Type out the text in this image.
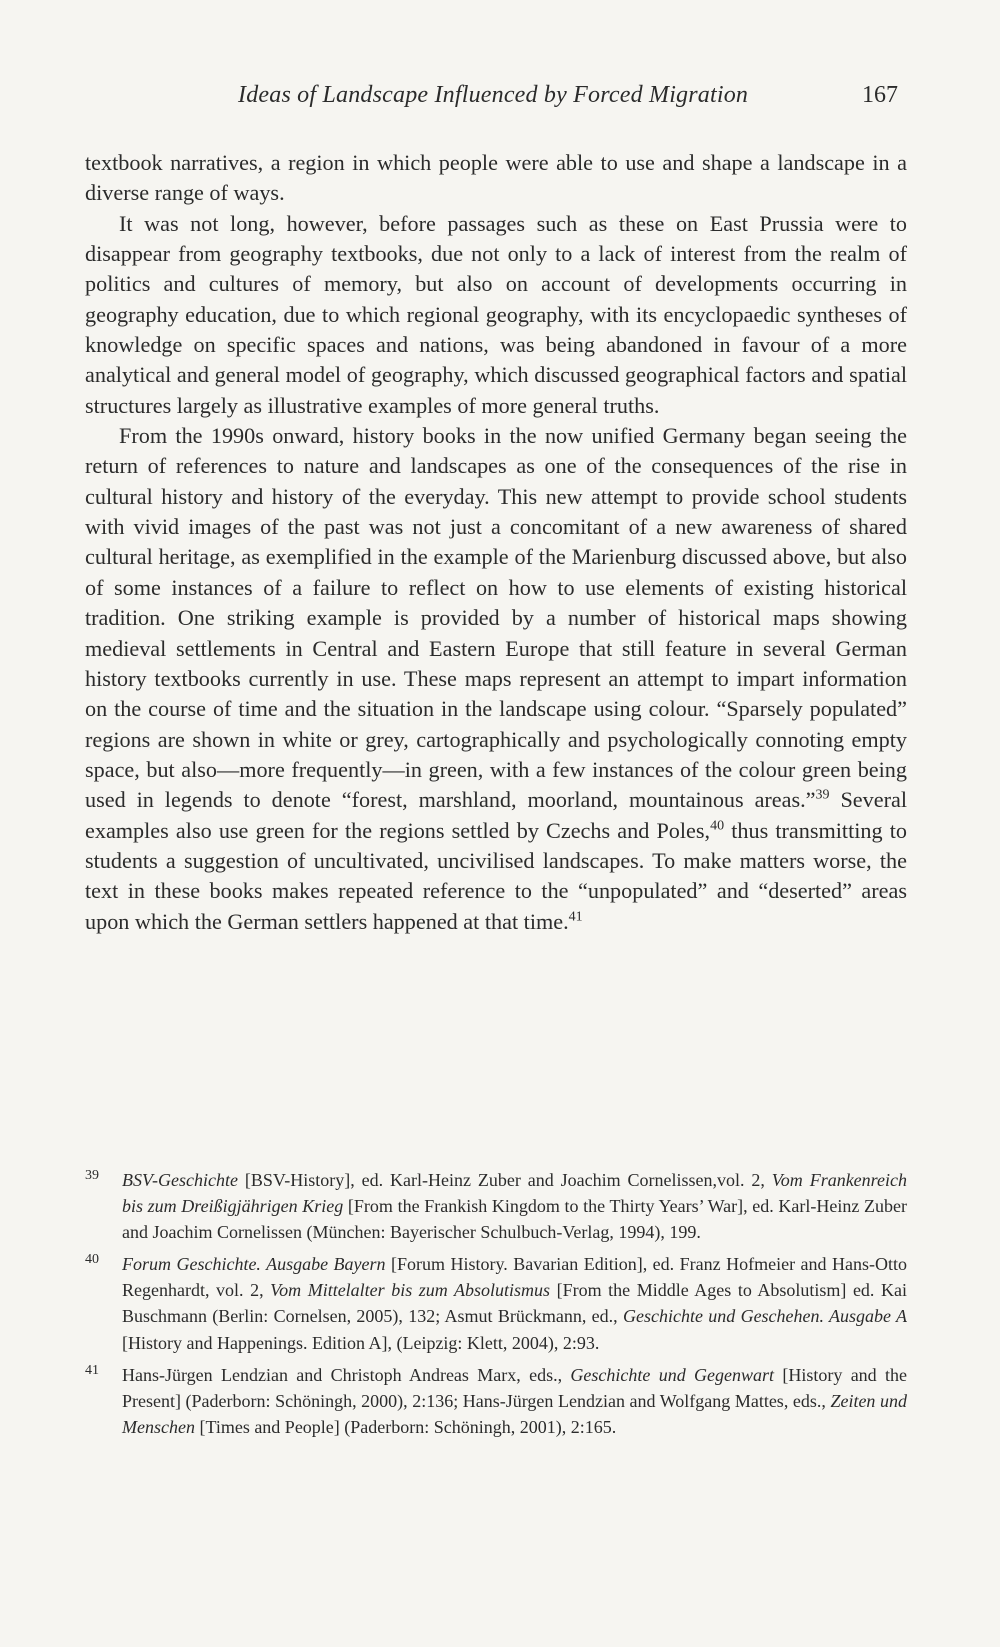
Ideas of Landscape Influenced by Forced Migration	167

textbook narratives, a region in which people were able to use and shape a landscape in a diverse range of ways.

It was not long, however, before passages such as these on East Prussia were to disappear from geography textbooks, due not only to a lack of interest from the realm of politics and cultures of memory, but also on account of developments occurring in geography education, due to which regional geography, with its encyclopaedic syntheses of knowledge on specific spaces and nations, was being abandoned in favour of a more analytical and general model of geography, which discussed geographical factors and spatial structures largely as illustrative examples of more general truths.

From the 1990s onward, history books in the now unified Germany began seeing the return of references to nature and landscapes as one of the consequences of the rise in cultural history and history of the everyday. This new attempt to provide school students with vivid images of the past was not just a concomitant of a new awareness of shared cultural heritage, as exemplified in the example of the Marienburg discussed above, but also of some instances of a failure to reflect on how to use elements of existing historical tradition. One striking example is provided by a number of historical maps showing medieval settlements in Central and Eastern Europe that still feature in several German history textbooks currently in use. These maps represent an attempt to impart information on the course of time and the situation in the landscape using colour. “Sparsely populated” regions are shown in white or grey, cartographically and psychologically connoting empty space, but also—more frequently—in green, with a few instances of the colour green being used in legends to denote “forest, marshland, moorland, mountainous areas.”$^{39}$ Several examples also use green for the regions settled by Czechs and Poles,$^{40}$ thus transmitting to students a suggestion of uncultivated, uncivilised landscapes. To make matters worse, the text in these books makes repeated reference to the “unpopulated” and “deserted” areas upon which the German settlers happened at that time.$^{41}$

39 BSV-Geschichte [BSV-History], ed. Karl-Heinz Zuber and Joachim Cornelissen,vol. 2, Vom Frankenreich bis zum Dreißigjährigen Krieg [From the Frankish Kingdom to the Thirty Years’ War], ed. Karl-Heinz Zuber and Joachim Cornelissen (München: Bayerischer Schulbuch-Verlag, 1994), 199.
40 Forum Geschichte. Ausgabe Bayern [Forum History. Bavarian Edition], ed. Franz Hofmeier and Hans-Otto Regenhardt, vol. 2, Vom Mittelalter bis zum Absolutismus [From the Middle Ages to Absolutism] ed. Kai Buschmann (Berlin: Cornelsen, 2005), 132; Asmut Brückmann, ed., Geschichte und Geschehen. Ausgabe A [History and Happenings. Edition A], (Leipzig: Klett, 2004), 2:93.
41 Hans-Jürgen Lendzian and Christoph Andreas Marx, eds., Geschichte und Gegenwart [History and the Present] (Paderborn: Schöningh, 2000), 2:136; Hans-Jürgen Lendzian and Wolfgang Mattes, eds., Zeiten und Menschen [Times and People] (Paderborn: Schöningh, 2001), 2:165.
